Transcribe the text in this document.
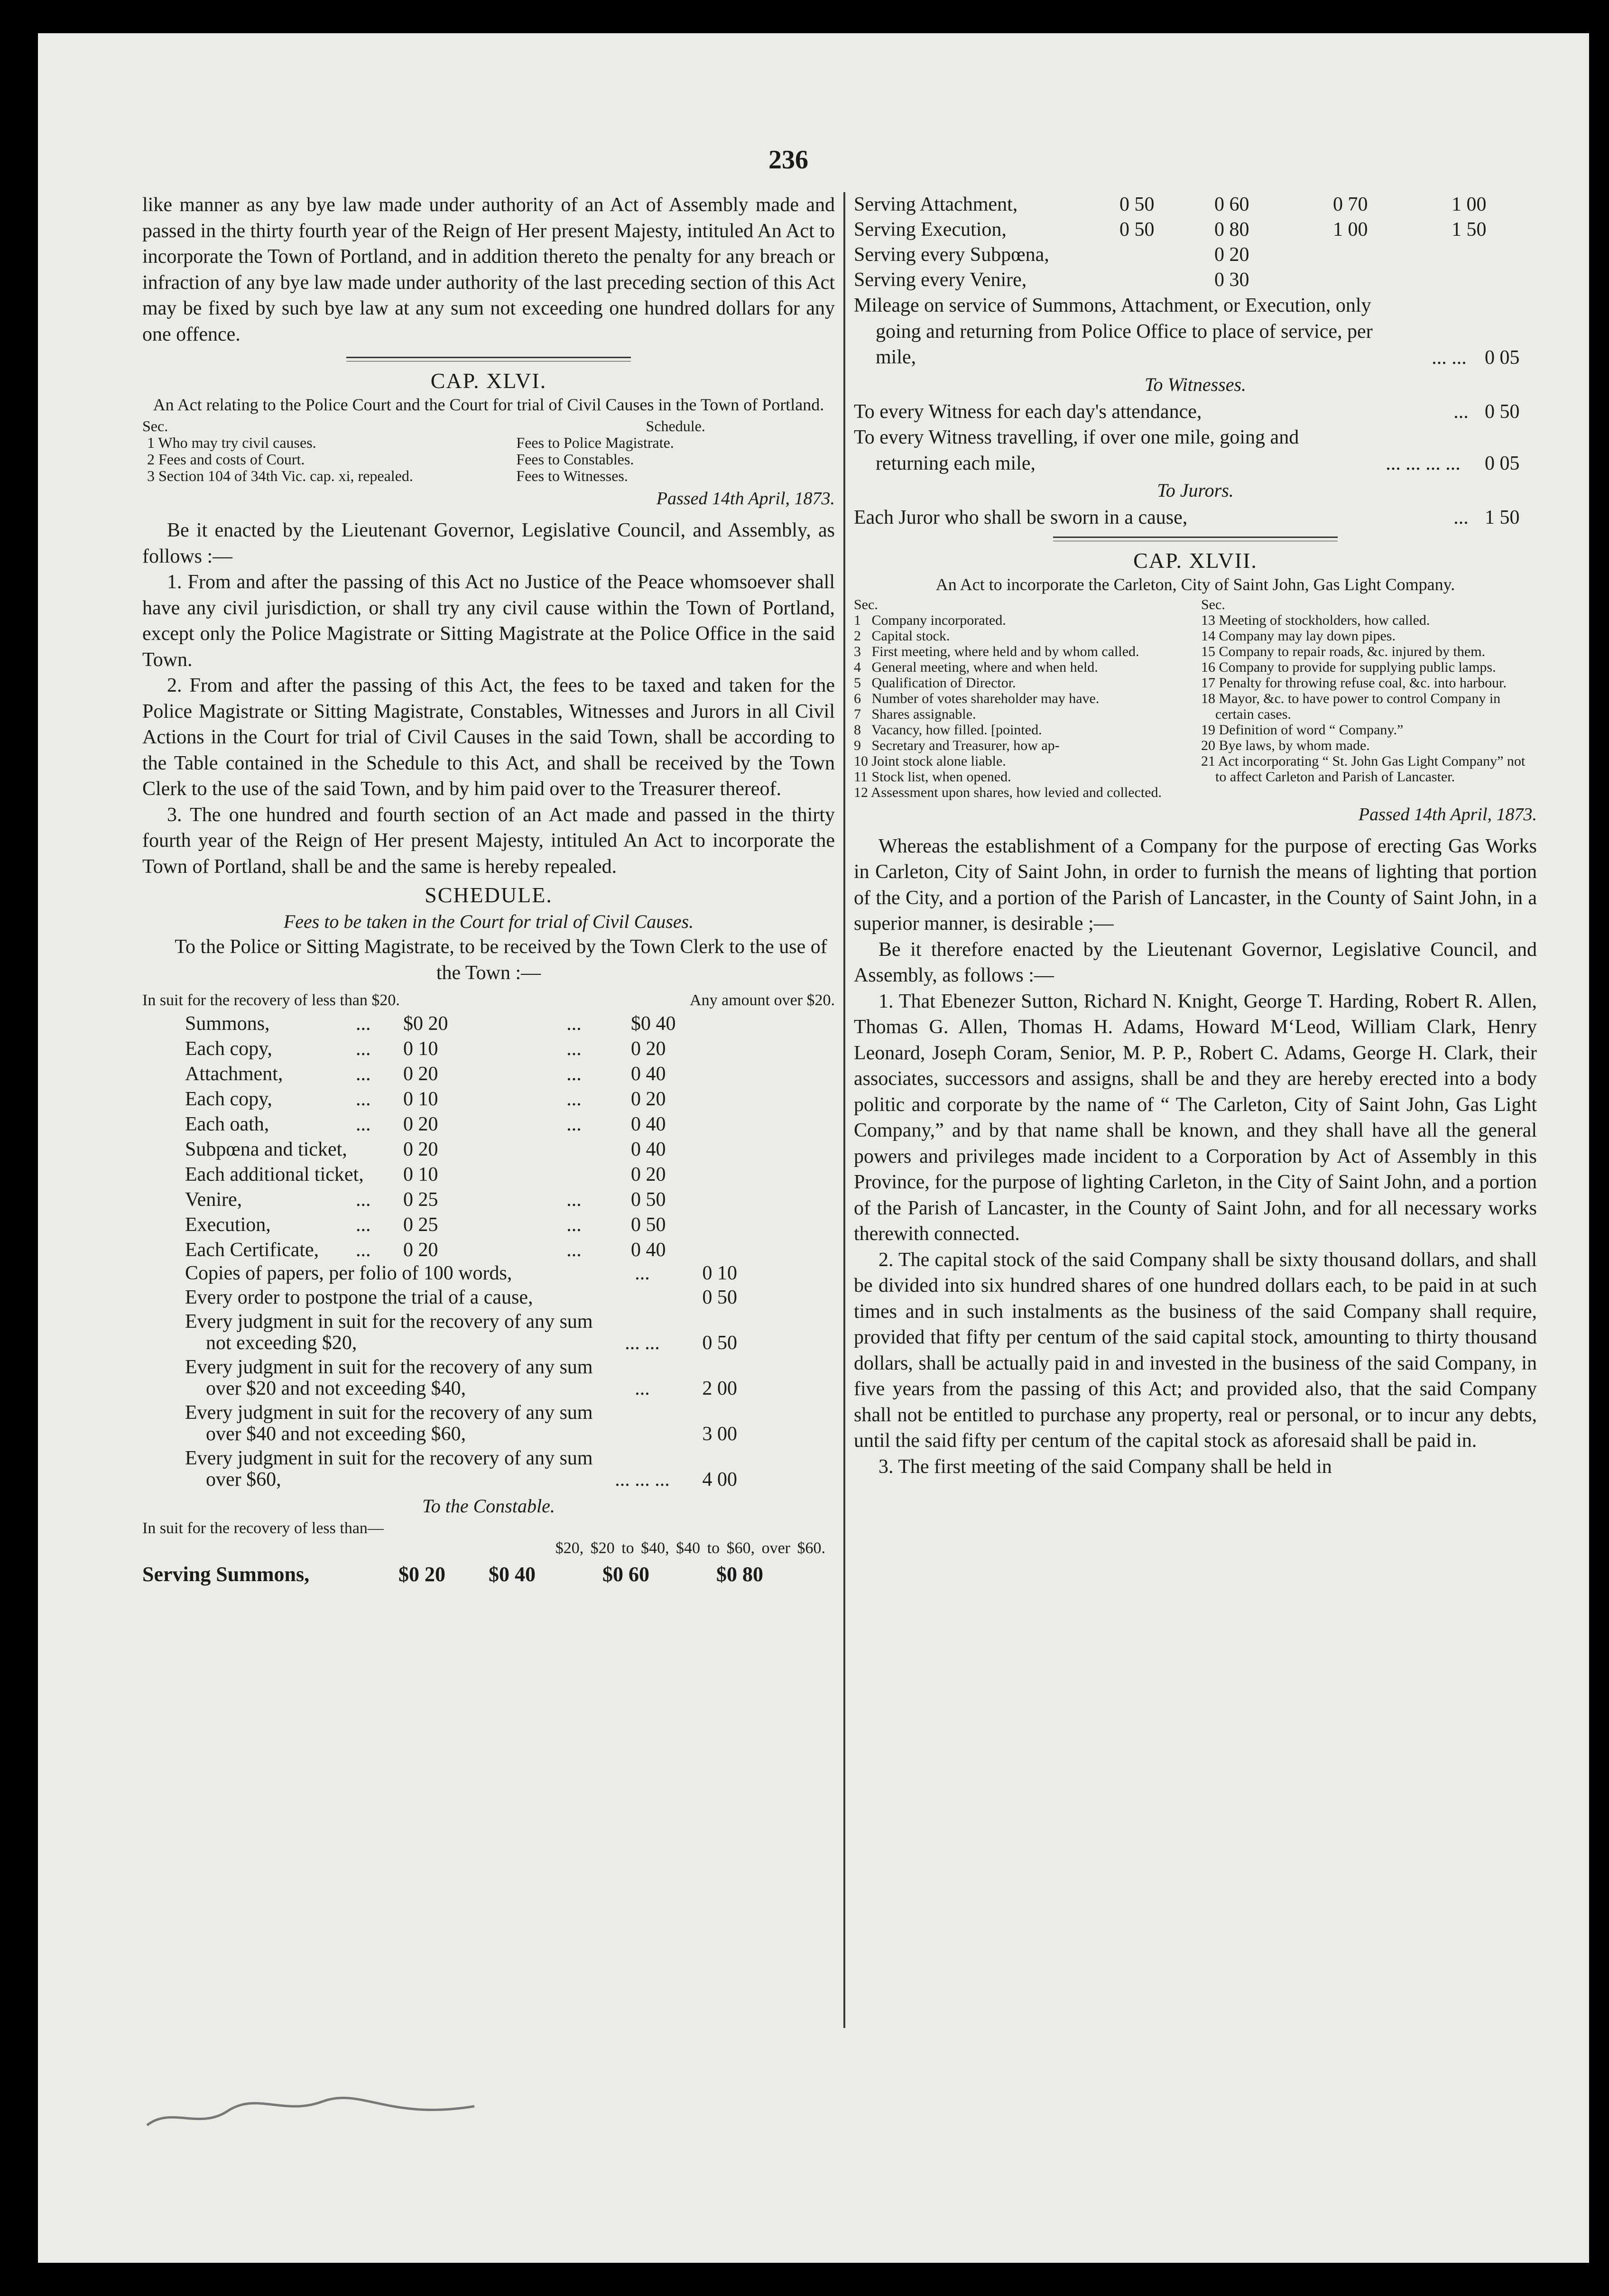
236

like manner as any bye law made under authority of an Act of Assembly made and passed in the thirty fourth year of the Reign of Her present Majesty, intituled An Act to incorporate the Town of Portland, and in addition thereto the penalty for any breach or infraction of any bye law made under authority of the last preceding section of this Act may be fixed by such bye law at any sum not exceeding one hundred dollars for any one offence.

CAP. XLVI.
An Act relating to the Police Court and the Court for trial of Civil Causes in the Town of Portland.
Sec.
1 Who may try civil causes.
2 Fees and costs of Court.
3 Section 104 of 34th Vic. cap. xi, repealed.
Schedule.
Fees to Police Magistrate.
Fees to Constables.
Fees to Witnesses.
Passed 14th April, 1873.

Be it enacted by the Lieutenant Governor, Legislative Council, and Assembly, as follows :—

1. From and after the passing of this Act no Justice of the Peace whomsoever shall have any civil jurisdiction, or shall try any civil cause within the Town of Portland, except only the Police Magistrate or Sitting Magistrate at the Police Office in the said Town.

2. From and after the passing of this Act, the fees to be taxed and taken for the Police Magistrate or Sitting Magistrate, Constables, Witnesses and Jurors in all Civil Actions in the Court for trial of Civil Causes in the said Town, shall be according to the Table contained in the Schedule to this Act, and shall be received by the Town Clerk to the use of the said Town, and by him paid over to the Treasurer thereof.

3. The one hundred and fourth section of an Act made and passed in the thirty fourth year of the Reign of Her present Majesty, intituled An Act to incorporate the Town of Portland, shall be and the same is hereby repealed.

SCHEDULE.
Fees to be taken in the Court for trial of Civil Causes.

To the Police or Sitting Magistrate, to be received by the Town Clerk to the use of the Town :—

In suit for the recovery of less than $20.	Any amount over $20.
Summons,	...	$0 20	...	$0 40
Each copy,	...	0 10	...	0 20
Attachment,	...	0 20	...	0 40
Each copy,	...	0 10	...	0 20
Each oath,	...	0 20	...	0 40
Subpœna and ticket,	0 20	0 40
Each additional ticket, 0 10	0 20
Venire,	...	0 25	...	0 50
Execution,	...	0 25	...	0 50
Each Certificate,	...	0 20	...	0 40
Copies of papers, per folio of 100 words,	...	0 10
Every order to postpone the trial of a cause,	0 50
Every judgment in suit for the recovery of any sum not exceeding $20,	... ...	0 50
Every judgment in suit for the recovery of any sum over $20 and not exceeding $40,	...	2 00
Every judgment in suit for the recovery of any sum over $40 and not exceeding $60,	3 00
Every judgment in suit for the recovery of any sum over $60,	... ... ...	4 00
To the Constable.
In suit for the recovery of less than—
$20, $20 to $40, $40 to $60, over $60.
Serving Summons,	$0 20	$0 40	$0 60	$0 80
Serving Attachment,	0 50	0 60	0 70	1 00
Serving Execution,	0 50	0 80	1 00	1 50
Serving every Subpœna,	0 20
Serving every Venire,	0 30

Mileage on service of Summons, Attachment, or Execution, only going and returning from Police Office to place of service, per mile,	... ... 0 05
To Witnesses.
To every Witness for each day's attendance,	... 0 50

To every Witness travelling, if over one mile, going and returning each mile,	... ... ... ...	0 05
To Jurors.
Each Juror who shall be sworn in a cause,	... 1 50
CAP. XLVII.
An Act to incorporate the Carleton, City of Saint John, Gas Light Company.
Sec.
1 Company incorporated.
2 Capital stock.
3 First meeting, where held and by whom called.
4 General meeting, where and when held.
5 Qualification of Director.
6 Number of votes shareholder may have.
7 Shares assignable.
8 Vacancy, how filled. [pointed.
9 Secretary and Treasurer, how ap-
10 Joint stock alone liable.
11 Stock list, when opened.
12 Assessment upon shares, how levied and collected.
Sec.
13 Meeting of stockholders, how called.
14 Company may lay down pipes.
15 Company to repair roads, &c. injured by them.
16 Company to provide for supplying public lamps.
17 Penalty for throwing refuse coal, &c. into harbour.
18 Mayor, &c. to have power to control Company in certain cases.
19 Definition of word “ Company.”
20 Bye laws, by whom made.
21 Act incorporating “ St. John Gas Light Company” not to affect Carleton and Parish of Lancaster.
Passed 14th April, 1873.

Whereas the establishment of a Company for the purpose of erecting Gas Works in Carleton, City of Saint John, in order to furnish the means of lighting that portion of the City, and a portion of the Parish of Lancaster, in the County of Saint John, in a superior manner, is desirable ;—

Be it therefore enacted by the Lieutenant Governor, Legislative Council, and Assembly, as follows :—

1. That Ebenezer Sutton, Richard N. Knight, George T. Harding, Robert R. Allen, Thomas G. Allen, Thomas H. Adams, Howard M‘Leod, William Clark, Henry Leonard, Joseph Coram, Senior, M. P. P., Robert C. Adams, George H. Clark, their associates, successors and assigns, shall be and they are hereby erected into a body politic and corporate by the name of “ The Carleton, City of Saint John, Gas Light Company,” and by that name shall be known, and they shall have all the general powers and privileges made incident to a Corporation by Act of Assembly in this Province, for the purpose of lighting Carleton, in the City of Saint John, and a portion of the Parish of Lancaster, in the County of Saint John, and for all necessary works therewith connected.

2. The capital stock of the said Company shall be sixty thousand dollars, and shall be divided into six hundred shares of one hundred dollars each, to be paid in at such times and in such instalments as the business of the said Company shall require, provided that fifty per centum of the said capital stock, amounting to thirty thousand dollars, shall be actually paid in and invested in the business of the said Company, in five years from the passing of this Act; and provided also, that the said Company shall not be entitled to purchase any property, real or personal, or to incur any debts, until the said fifty per centum of the capital stock as aforesaid shall be paid in.

3. The first meeting of the said Company shall be held in
